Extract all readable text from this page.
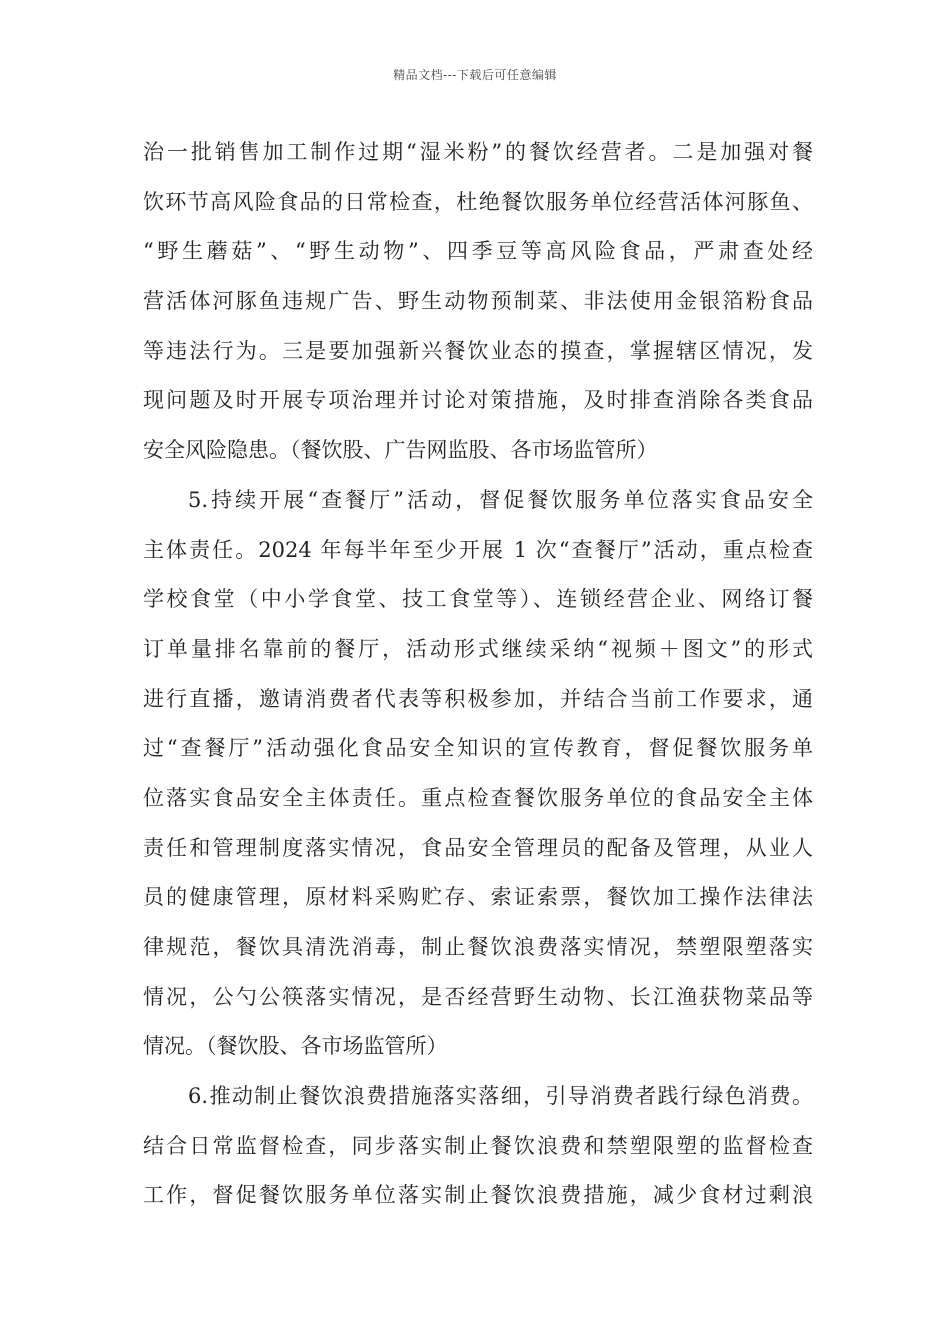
精品文档---下载后可任意编辑
治一批销售加工制作过期“湿米粉”的餐饮经营者。二是加强对餐
饮环节高风险食品的日常检查，杜绝餐饮服务单位经营活体河豚鱼、
“野生蘑菇”、“野生动物”、四季豆等高风险食品，严肃查处经
营活体河豚鱼违规广告、野生动物预制菜、非法使用金银箔粉食品
等违法行为。三是要加强新兴餐饮业态的摸查，掌握辖区情况，发
现问题及时开展专项治理并讨论对策措施，及时排查消除各类食品
安全风险隐患。（餐饮股、广告网监股、各市场监管所）
5.持续开展“查餐厅”活动，督促餐饮服务单位落实食品安全
主体责任。2024 年每半年至少开展 1 次“查餐厅”活动，重点检查
学校食堂（中小学食堂、技工食堂等）、连锁经营企业、网络订餐
订单量排名靠前的餐厅，活动形式继续采纳“视频＋图文”的形式
进行直播，邀请消费者代表等积极参加，并结合当前工作要求，通
过“查餐厅”活动强化食品安全知识的宣传教育，督促餐饮服务单
位落实食品安全主体责任。重点检查餐饮服务单位的食品安全主体
责任和管理制度落实情况，食品安全管理员的配备及管理，从业人
员的健康管理，原材料采购贮存、索证索票，餐饮加工操作法律法
律规范，餐饮具清洗消毒，制止餐饮浪费落实情况，禁塑限塑落实
情况，公勺公筷落实情况，是否经营野生动物、长江渔获物菜品等
情况。（餐饮股、各市场监管所）
6.推动制止餐饮浪费措施落实落细，引导消费者践行绿色消费。
结合日常监督检查，同步落实制止餐饮浪费和禁塑限塑的监督检查
工作，督促餐饮服务单位落实制止餐饮浪费措施，减少食材过剩浪
